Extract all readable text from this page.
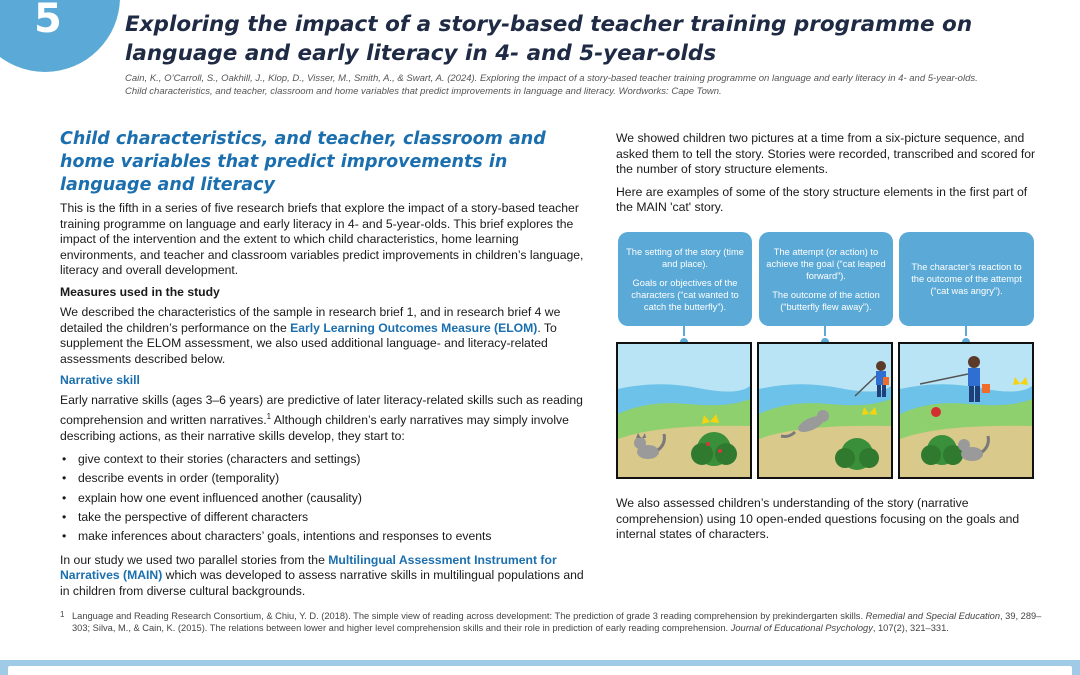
5	Exploring the impact of a story-based teacher training programme on language and early literacy in 4- and 5-year-olds
Cain, K., O’Carroll, S., Oakhill, J., Klop, D., Visser, M., Smith, A., & Swart, A. (2024). Exploring the impact of a story-based teacher training programme on language and early literacy in 4- and 5-year-olds.
Child characteristics, and teacher, classroom and home variables that predict improvements in language and literacy. Wordworks: Cape Town.
Child characteristics, and teacher, classroom and home variables that predict improvements in language and literacy

This is the fifth in a series of five research briefs that explore the impact of a story-based teacher training programme on language and early literacy in 4- and 5-year-olds. This brief explores the impact of the intervention and the extent to which child characteristics, home learning environments, and teacher and classroom variables predict improvements in children’s language, literacy and overall development.

Measures used in the study

We described the characteristics of the sample in research brief 1, and in research brief 4 we detailed the children’s performance on the Early Learning Outcomes Measure (ELOM). To supplement the ELOM assessment, we also used additional language- and literacy-related assessments described below.

Narrative skill

Early narrative skills (ages 3–6 years) are predictive of later literacy-related skills such as reading comprehension and written narratives.$^1$ Although children’s early narratives may simply involve describing actions, as their narrative skills develop, they start to:

• give context to their stories (characters and settings)
• describe events in order (temporality)
• explain how one event influenced another (causality)
• take the perspective of different characters
• make inferences about characters’ goals, intentions and responses to events

In our study we used two parallel stories from the Multilingual Assessment Instrument for Narratives (MAIN) which was developed to assess narrative skills in multilingual populations and in children from diverse cultural backgrounds.

We showed children two pictures at a time from a six-picture sequence, and asked them to tell the story. Stories were recorded, transcribed and scored for the number of story structure elements.

Here are examples of some of the story structure elements in the first part of the MAIN 'cat' story.

The setting of the story (time and place).
Goals or objectives of the characters (“cat wanted to catch the butterfly”).
The attempt (or action) to achieve the goal (“cat leaped forward”).
The outcome of the action (“butterfly flew away”).
The character’s reaction to the outcome of the attempt (“cat was angry”).

We also assessed children’s understanding of the story (narrative comprehension) using 10 open-ended questions focusing on the goals and internal states of characters.

1 Language and Reading Research Consortium, & Chiu, Y. D. (2018). The simple view of reading across development: The prediction of grade 3 reading comprehension by prekindergarten skills. Remedial and Special Education, 39, 289–303; Silva, M., & Cain, K. (2015). The relations between lower and higher level comprehension skills and their role in prediction of early reading comprehension. Journal of Educational Psychology, 107(2), 321–331.
